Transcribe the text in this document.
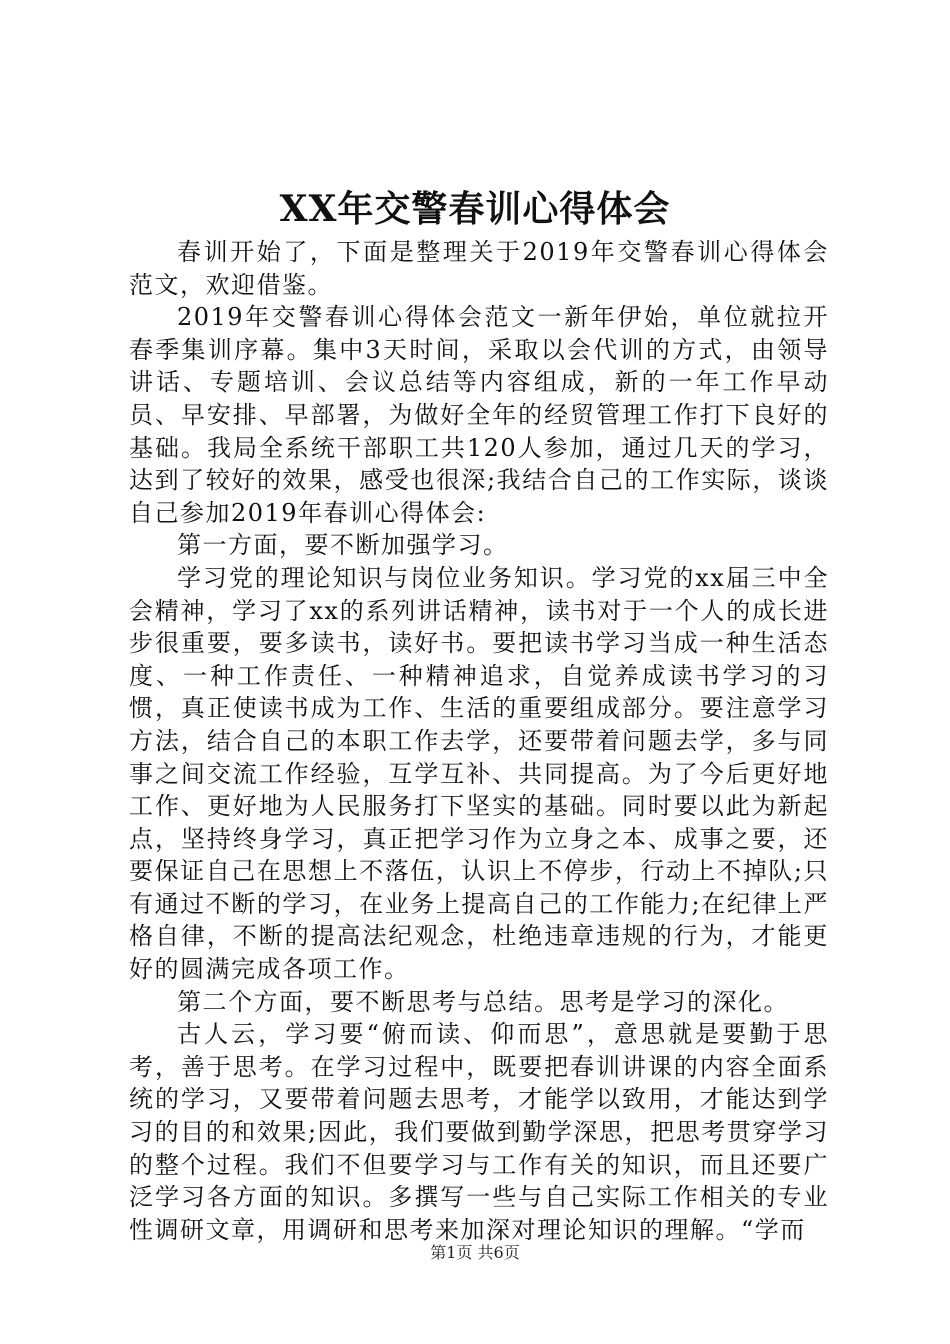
XX年交警春训心得体会

春训开始了，下面是整理关于2019年交警春训心得体会范文，欢迎借鉴。

2019年交警春训心得体会范文一新年伊始，单位就拉开春季集训序幕。集中3天时间，采取以会代训的方式，由领导讲话、专题培训、会议总结等内容组成，新的一年工作早动员、早安排、早部署，为做好全年的经贸管理工作打下良好的基础。我局全系统干部职工共120人参加，通过几天的学习，达到了较好的效果，感受也很深;我结合自己的工作实际，谈谈自己参加2019年春训心得体会:

第一方面，要不断加强学习。

学习党的理论知识与岗位业务知识。学习党的xx届三中全会精神，学习了xx的系列讲话精神，读书对于一个人的成长进步很重要，要多读书，读好书。要把读书学习当成一种生活态度、一种工作责任、一种精神追求，自觉养成读书学习的习惯，真正使读书成为工作、生活的重要组成部分。要注意学习方法，结合自己的本职工作去学，还要带着问题去学，多与同事之间交流工作经验，互学互补、共同提高。为了今后更好地工作、更好地为人民服务打下坚实的基础。同时要以此为新起点，坚持终身学习，真正把学习作为立身之本、成事之要，还要保证自己在思想上不落伍，认识上不停步，行动上不掉队;只有通过不断的学习，在业务上提高自己的工作能力;在纪律上严格自律，不断的提高法纪观念，杜绝违章违规的行为，才能更好的圆满完成各项工作。

第二个方面，要不断思考与总结。思考是学习的深化。

古人云，学习要“俯而读、仰而思”，意思就是要勤于思考，善于思考。在学习过程中，既要把春训讲课的内容全面系统的学习，又要带着问题去思考，才能学以致用，才能达到学习的目的和效果;因此，我们要做到勤学深思，把思考贯穿学习的整个过程。我们不但要学习与工作有关的知识，而且还要广泛学习各方面的知识。多撰写一些与自己实际工作相关的专业性调研文章，用调研和思考来加深对理论知识的理解。“学而

第1页 共6页
